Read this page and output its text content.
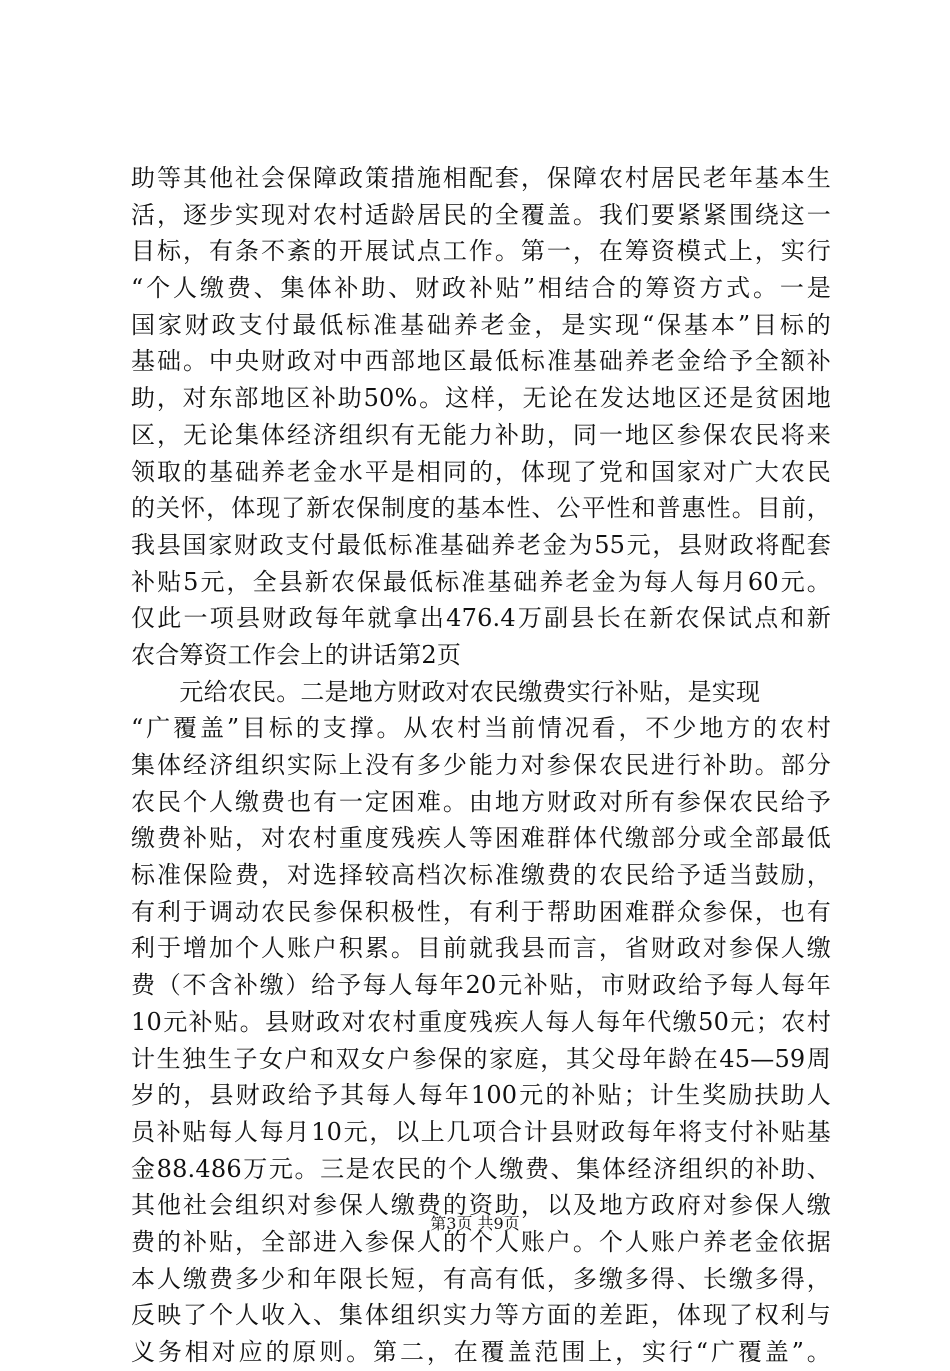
助等其他社会保障政策措施相配套，保障农村居民老年基本生
活，逐步实现对农村适龄居民的全覆盖。我们要紧紧围绕这一
目标，有条不紊的开展试点工作。第一，在筹资模式上，实行
“个人缴费、集体补助、财政补贴”相结合的筹资方式。一是
国家财政支付最低标准基础养老金，是实现“保基本”目标的
基础。中央财政对中西部地区最低标准基础养老金给予全额补
助，对东部地区补助50%。这样，无论在发达地区还是贫困地
区，无论集体经济组织有无能力补助，同一地区参保农民将来
领取的基础养老金水平是相同的，体现了党和国家对广大农民
的关怀，体现了新农保制度的基本性、公平性和普惠性。目前，
我县国家财政支付最低标准基础养老金为55元，县财政将配套
补贴5元，全县新农保最低标准基础养老金为每人每月60元。
仅此一项县财政每年就拿出476.4万副县长在新农保试点和新
农合筹资工作会上的讲话第2页
　　元给农民。二是地方财政对农民缴费实行补贴，是实现
“广覆盖”目标的支撑。从农村当前情况看，不少地方的农村
集体经济组织实际上没有多少能力对参保农民进行补助。部分
农民个人缴费也有一定困难。由地方财政对所有参保农民给予
缴费补贴，对农村重度残疾人等困难群体代缴部分或全部最低
标准保险费，对选择较高档次标准缴费的农民给予适当鼓励，
有利于调动农民参保积极性，有利于帮助困难群众参保，也有
利于增加个人账户积累。目前就我县而言，省财政对参保人缴
费（不含补缴）给予每人每年20元补贴，市财政给予每人每年
10元补贴。县财政对农村重度残疾人每人每年代缴50元；农村
计生独生子女户和双女户参保的家庭，其父母年龄在45—59周
岁的，县财政给予其每人每年100元的补贴；计生奖励扶助人
员补贴每人每月10元，以上几项合计县财政每年将支付补贴基
金88.486万元。三是农民的个人缴费、集体经济组织的补助、
其他社会组织对参保人缴费的资助，以及地方政府对参保人缴
费的补贴，全部进入参保人的个人账户。个人账户养老金依据
本人缴费多少和年限长短，有高有低，多缴多得、长缴多得，
反映了个人收入、集体组织实力等方面的差距，体现了权利与
义务相对应的原则。第二，在覆盖范围上，实行“广覆盖”。
第3页 共9页
